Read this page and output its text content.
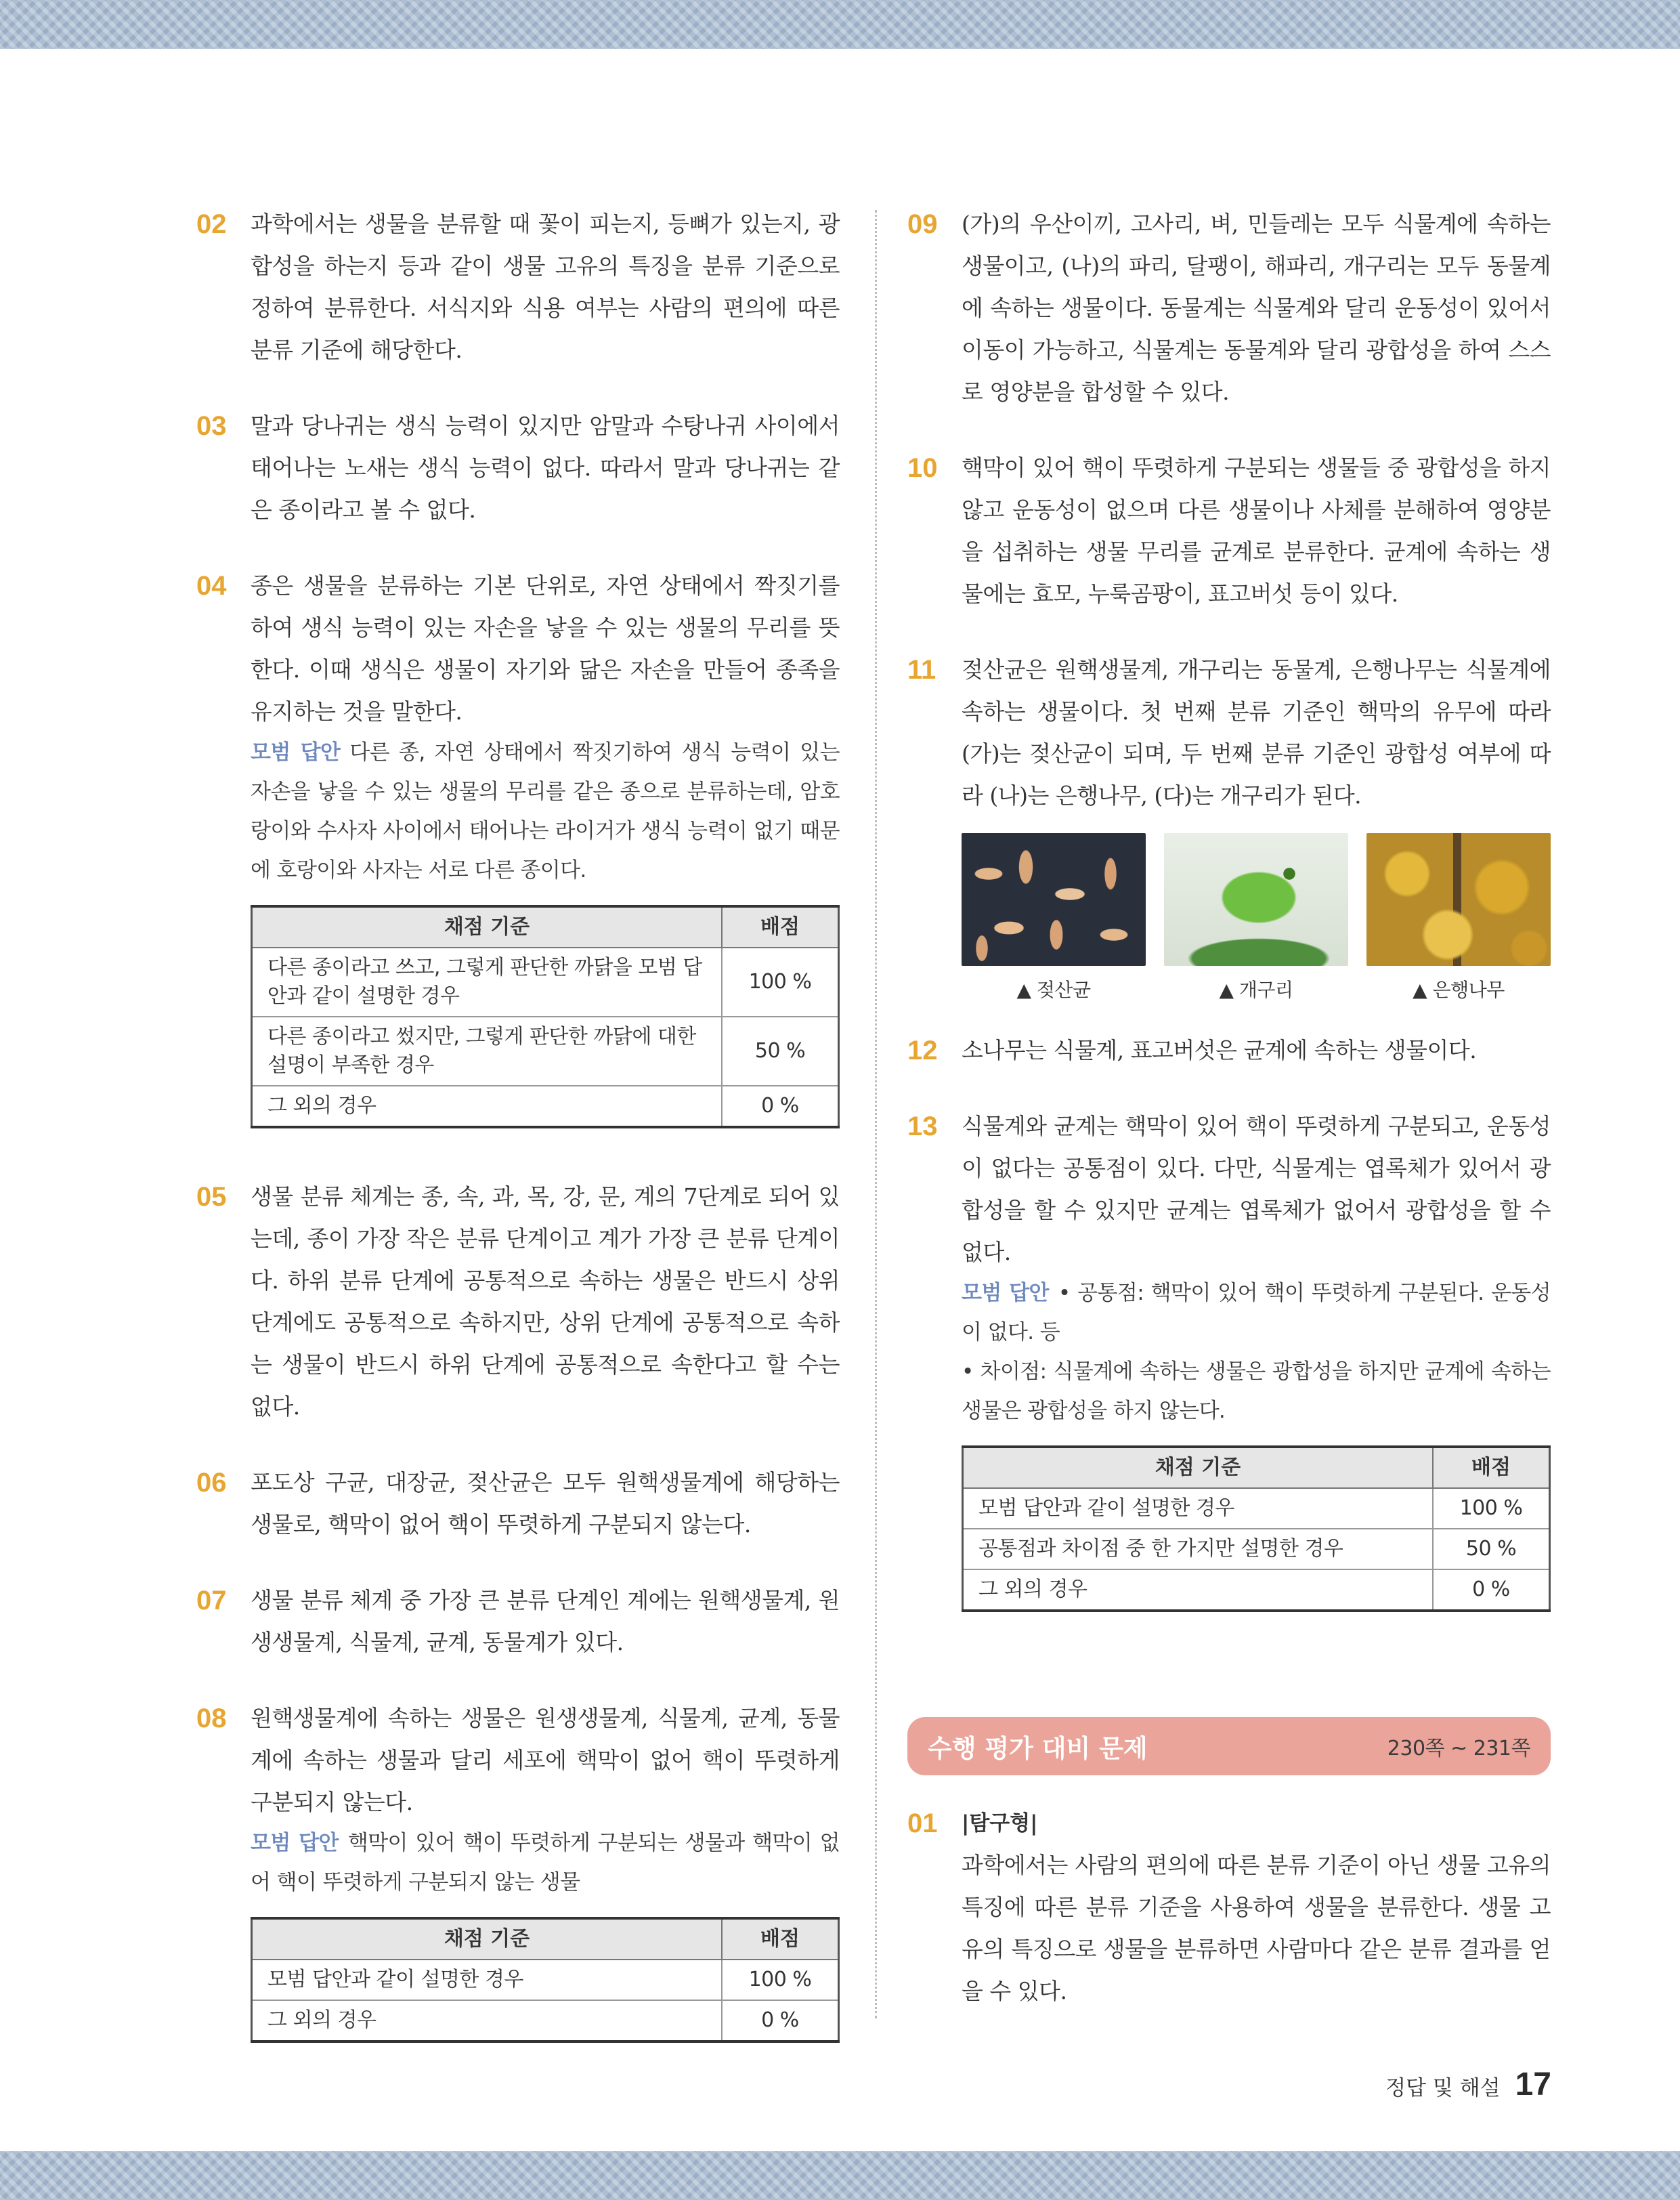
02 과학에서는 생물을 분류할 때 꽃이 피는지, 등뼈가 있는지, 광합성을 하는지 등과 같이 생물 고유의 특징을 분류 기준으로 정하여 분류한다. 서식지와 식용 여부는 사람의 편의에 따른 분류 기준에 해당한다.

03 말과 당나귀는 생식 능력이 있지만 암말과 수탕나귀 사이에서 태어나는 노새는 생식 능력이 없다. 따라서 말과 당나귀는 같은 종이라고 볼 수 없다.

04 종은 생물을 분류하는 기본 단위로, 자연 상태에서 짝짓기를 하여 생식 능력이 있는 자손을 낳을 수 있는 생물의 무리를 뜻한다. 이때 생식은 생물이 자기와 닮은 자손을 만들어 종족을 유지하는 것을 말한다.

모범 답안 다른 종, 자연 상태에서 짝짓기하여 생식 능력이 있는 자손을 낳을 수 있는 생물의 무리를 같은 종으로 분류하는데, 암호랑이와 수사자 사이에서 태어나는 라이거가 생식 능력이 없기 때문에 호랑이와 사자는 서로 다른 종이다.

채점 기준	배점
다른 종이라고 쓰고, 그렇게 판단한 까닭을 모범 답안과 같이 설명한 경우	100 %
다른 종이라고 썼지만, 그렇게 판단한 까닭에 대한 설명이 부족한 경우	50 %
그 외의 경우	0 %
05 생물 분류 체계는 종, 속, 과, 목, 강, 문, 계의 7단계로 되어 있는데, 종이 가장 작은 분류 단계이고 계가 가장 큰 분류 단계이다. 하위 분류 단계에 공통적으로 속하는 생물은 반드시 상위 단계에도 공통적으로 속하지만, 상위 단계에 공통적으로 속하는 생물이 반드시 하위 단계에 공통적으로 속한다고 할 수는 없다.

06 포도상 구균, 대장균, 젖산균은 모두 원핵생물계에 해당하는 생물로, 핵막이 없어 핵이 뚜렷하게 구분되지 않는다.

07 생물 분류 체계 중 가장 큰 분류 단계인 계에는 원핵생물계, 원생생물계, 식물계, 균계, 동물계가 있다.

08 원핵생물계에 속하는 생물은 원생생물계, 식물계, 균계, 동물계에 속하는 생물과 달리 세포에 핵막이 없어 핵이 뚜렷하게 구분되지 않는다.

모범 답안 핵막이 있어 핵이 뚜렷하게 구분되는 생물과 핵막이 없어 핵이 뚜렷하게 구분되지 않는 생물

채점 기준	배점
모범 답안과 같이 설명한 경우	100 %
그 외의 경우	0 %
09 (가)의 우산이끼, 고사리, 벼, 민들레는 모두 식물계에 속하는 생물이고, (나)의 파리, 달팽이, 해파리, 개구리는 모두 동물계에 속하는 생물이다. 동물계는 식물계와 달리 운동성이 있어서 이동이 가능하고, 식물계는 동물계와 달리 광합성을 하여 스스로 영양분을 합성할 수 있다.

10 핵막이 있어 핵이 뚜렷하게 구분되는 생물들 중 광합성을 하지 않고 운동성이 없으며 다른 생물이나 사체를 분해하여 영양분을 섭취하는 생물 무리를 균계로 분류한다. 균계에 속하는 생물에는 효모, 누룩곰팡이, 표고버섯 등이 있다.

11 젖산균은 원핵생물계, 개구리는 동물계, 은행나무는 식물계에 속하는 생물이다. 첫 번째 분류 기준인 핵막의 유무에 따라 (가)는 젖산균이 되며, 두 번째 분류 기준인 광합성 여부에 따라 (나)는 은행나무, (다)는 개구리가 된다.

▲ 젖산균	▲ 개구리	▲ 은행나무
12 소나무는 식물계, 표고버섯은 균계에 속하는 생물이다.

13 식물계와 균계는 핵막이 있어 핵이 뚜렷하게 구분되고, 운동성이 없다는 공통점이 있다. 다만, 식물계는 엽록체가 있어서 광합성을 할 수 있지만 균계는 엽록체가 없어서 광합성을 할 수 없다.

모범 답안 • 공통점: 핵막이 있어 핵이 뚜렷하게 구분된다. 운동성이 없다. 등

• 차이점: 식물계에 속하는 생물은 광합성을 하지만 균계에 속하는 생물은 광합성을 하지 않는다.

채점 기준	배점
모범 답안과 같이 설명한 경우	100 %
공통점과 차이점 중 한 가지만 설명한 경우	50 %
그 외의 경우	0 %
수행 평가 대비 문제	230쪽 ~ 231쪽
01 |탐구형|

과학에서는 사람의 편의에 따른 분류 기준이 아닌 생물 고유의 특징에 따른 분류 기준을 사용하여 생물을 분류한다. 생물 고유의 특징으로 생물을 분류하면 사람마다 같은 분류 결과를 얻을 수 있다.

정답 및 해설 17
